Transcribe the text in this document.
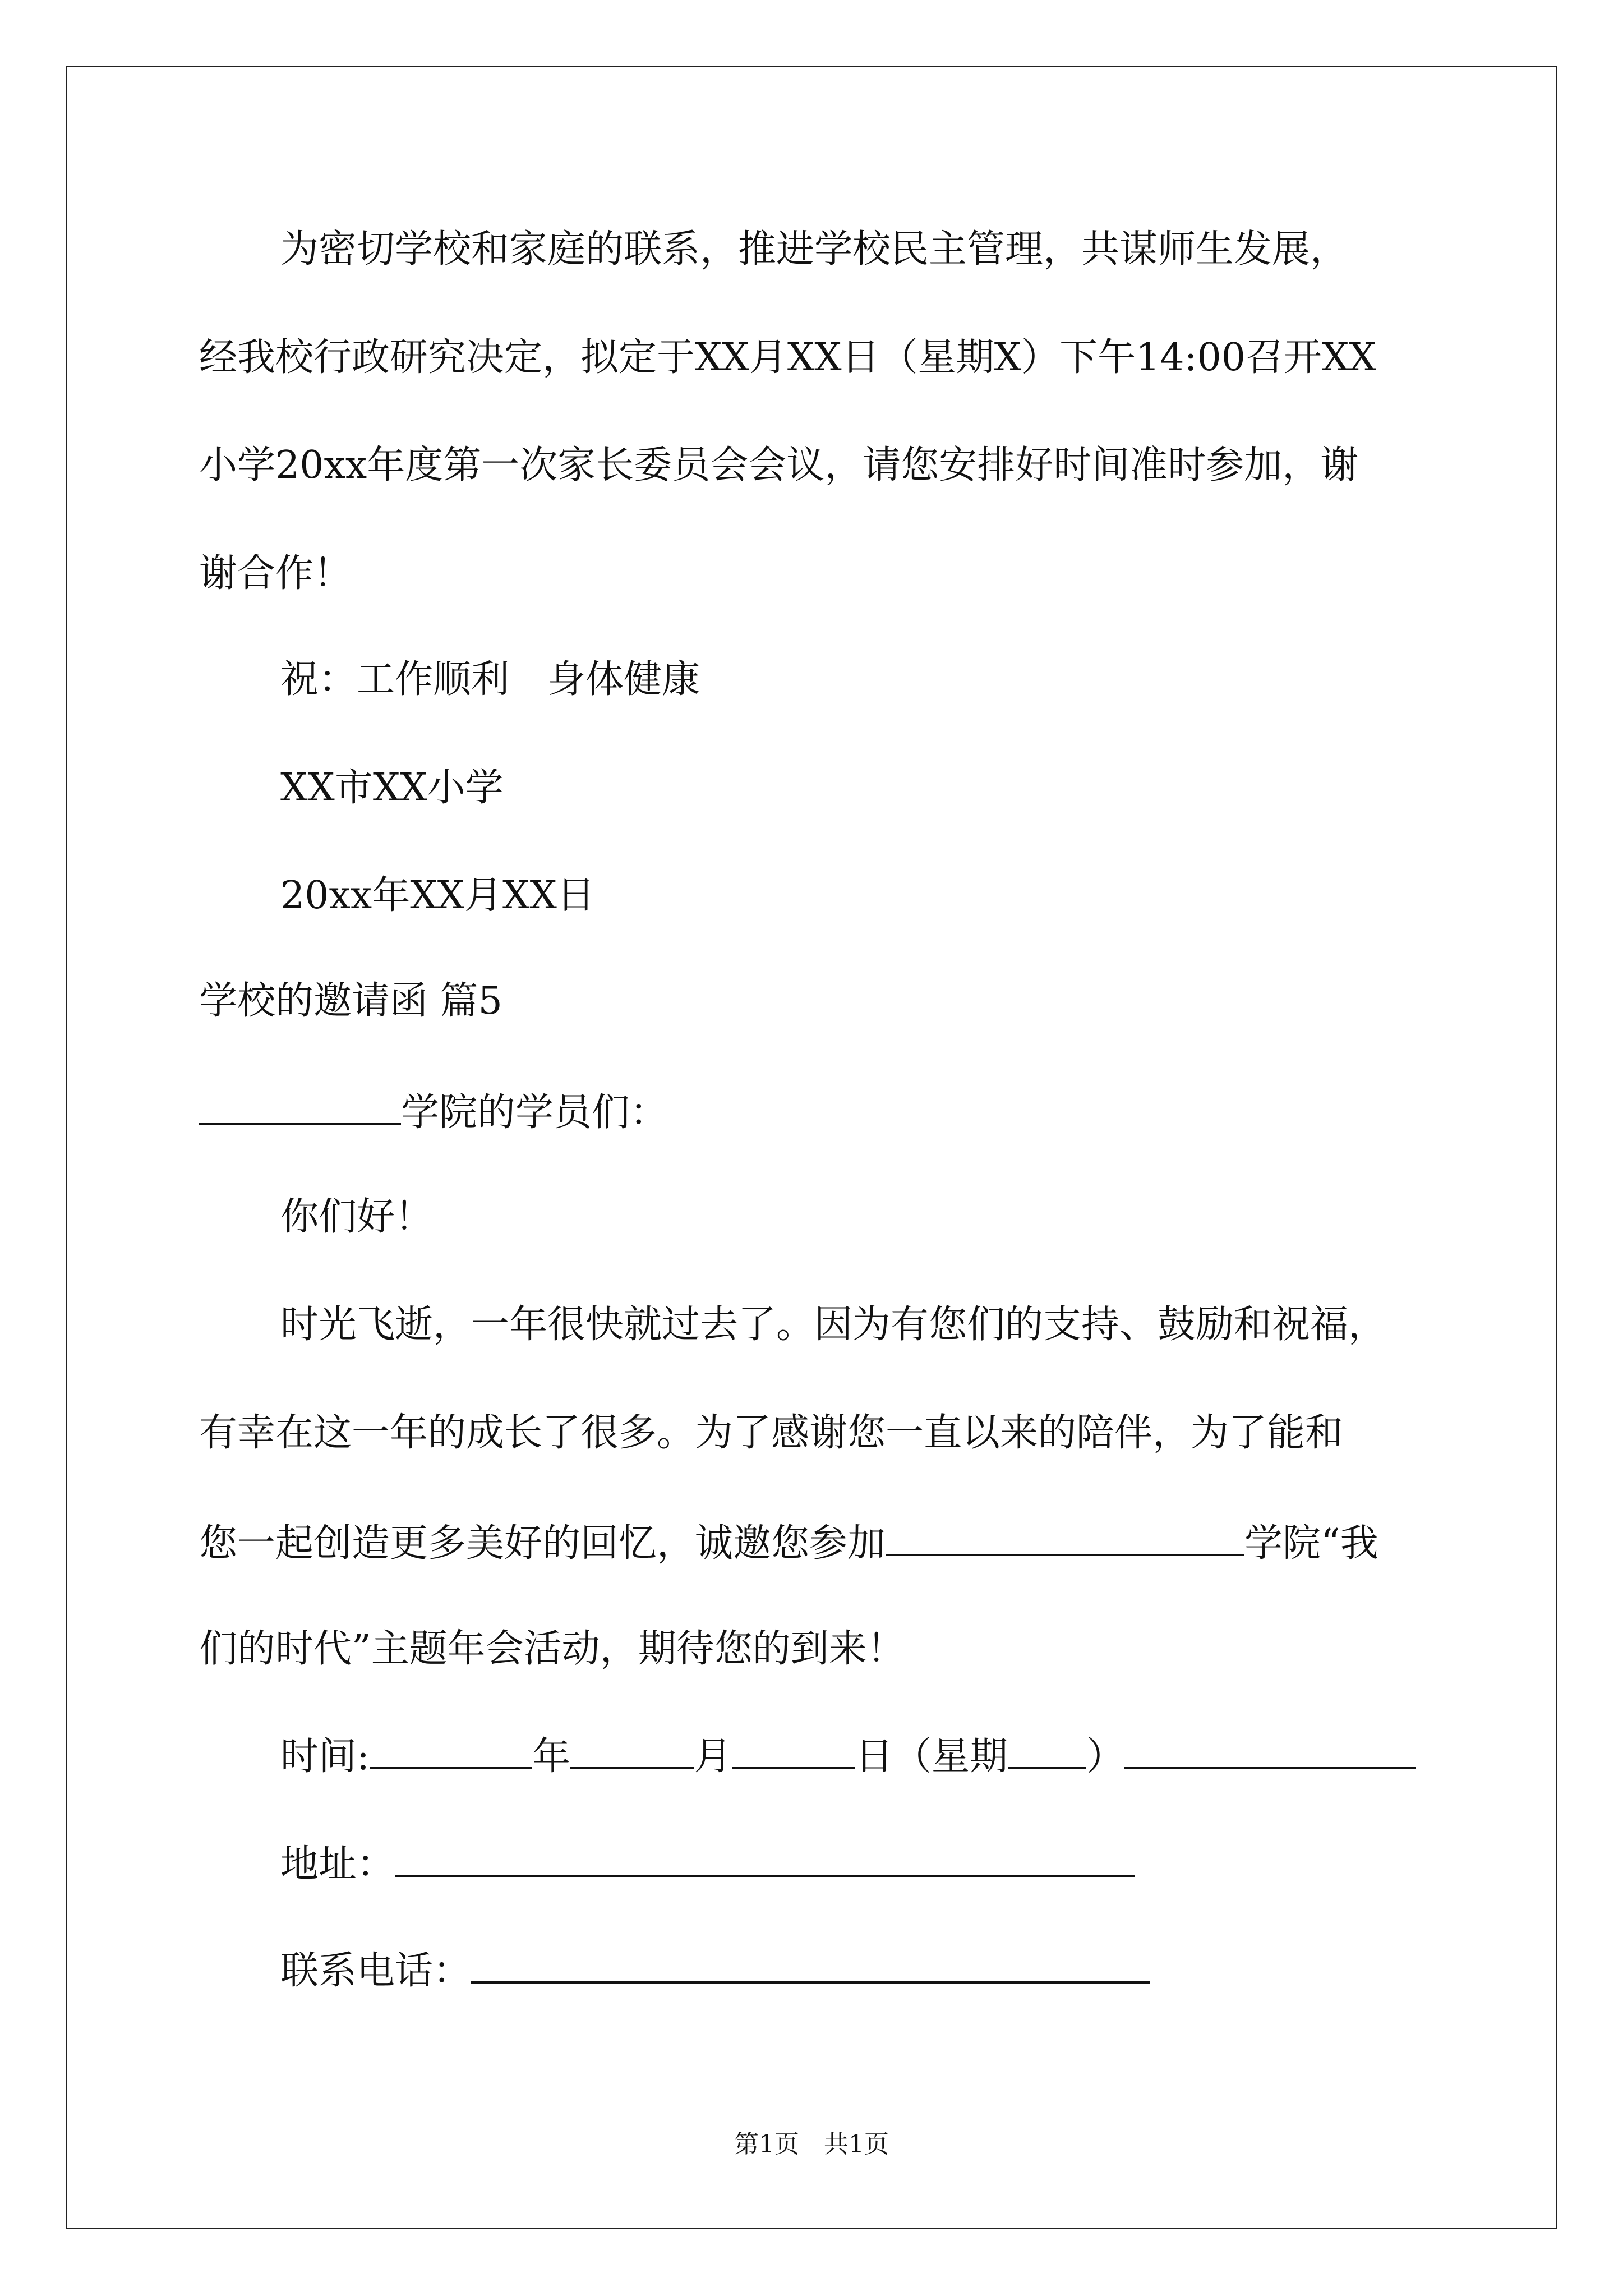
为密切学校和家庭的联系，推进学校民主管理，共谋师生发展，
经我校行政研究决定，拟定于XX月XX日（星期X）下午14:00召开XX
小学20xx年度第一次家长委员会会议，请您安排好时间准时参加，谢
谢合作！
祝：工作顺利　身体健康
XX市XX小学
20xx年XX月XX日
学校的邀请函 篇5
学院的学员们：
你们好！
时光飞逝，一年很快就过去了。因为有您们的支持、鼓励和祝福，
有幸在这一年的成长了很多。为了感谢您一直以来的陪伴，为了能和
您一起创造更多美好的回忆，诚邀您参加	学院“我
们的时代”主题年会活动，期待您的到来！
时间:	年	月	日（星期 ）
地址：
联系电话：
第1页　共1页
